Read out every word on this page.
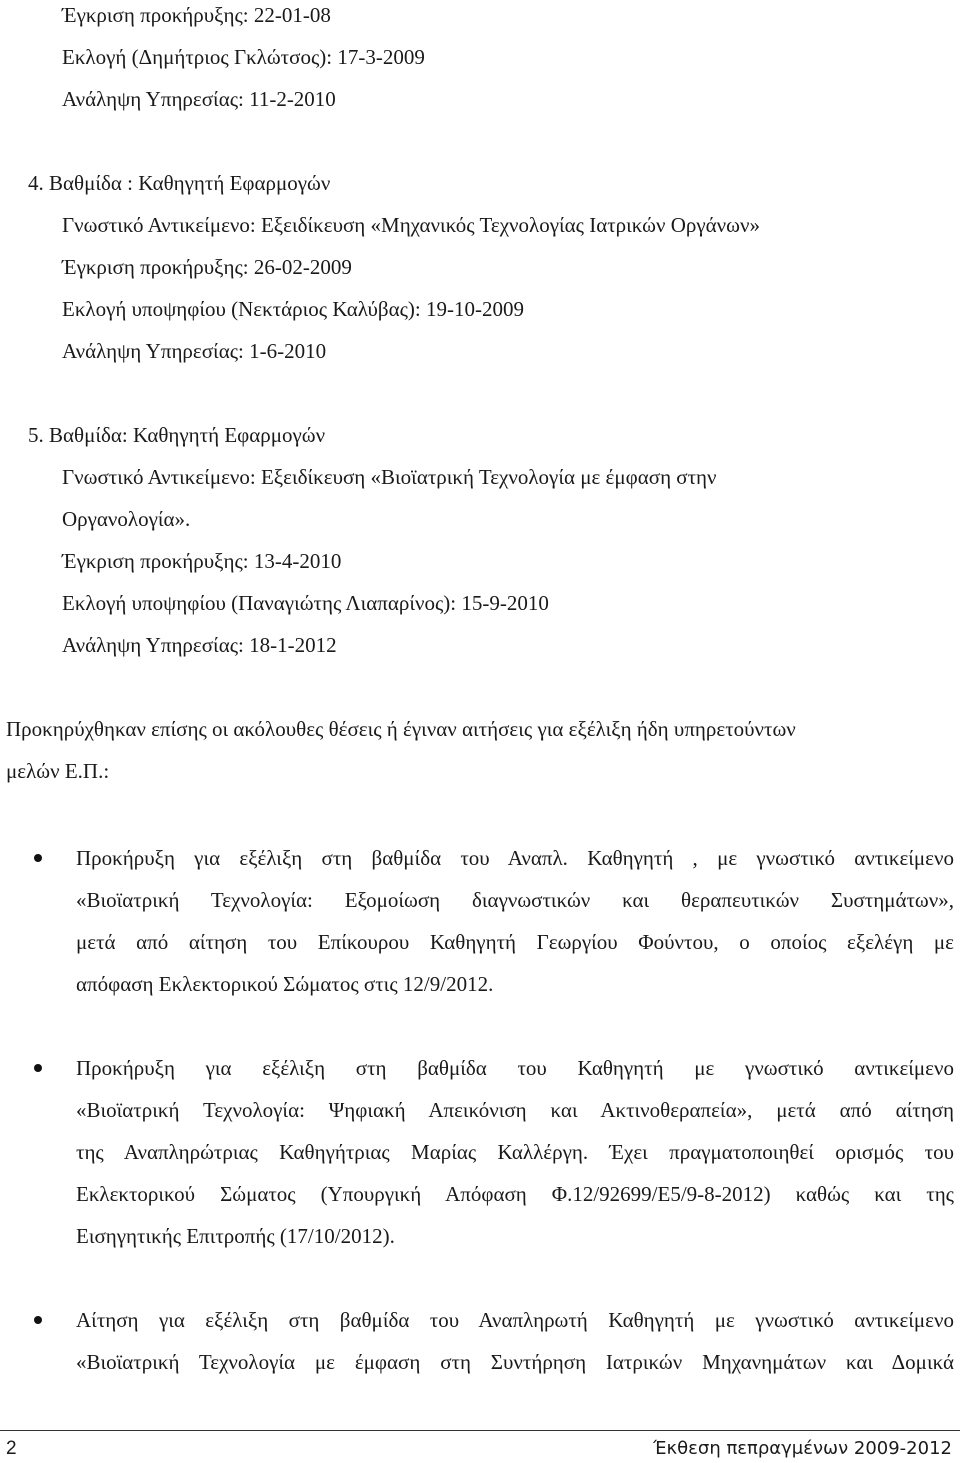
Έγκριση προκήρυξης: 22-01-08
Εκλογή (Δημήτριος Γκλώτσος): 17-3-2009
Ανάληψη Υπηρεσίας: 11-2-2010
4. Βαθμίδα : Καθηγητή Εφαρμογών
Γνωστικό Αντικείμενο: Εξειδίκευση «Μηχανικός Τεχνολογίας Ιατρικών Οργάνων»
Έγκριση προκήρυξης: 26-02-2009
Εκλογή υποψηφίου (Νεκτάριος Καλύβας): 19-10-2009
Ανάληψη Υπηρεσίας: 1-6-2010
5. Βαθμίδα: Καθηγητή Εφαρμογών
Γνωστικό Αντικείμενο: Εξειδίκευση «Βιοϊατρική Τεχνολογία με έμφαση στην
Οργανολογία».
Έγκριση προκήρυξης: 13-4-2010
Εκλογή υποψηφίου (Παναγιώτης Λιαπαρίνος): 15-9-2010
Ανάληψη Υπηρεσίας: 18-1-2012
Προκηρύχθηκαν επίσης οι ακόλουθες θέσεις ή έγιναν αιτήσεις για εξέλιξη ήδη υπηρετούντων
μελών Ε.Π.:
Προκήρυξη για εξέλιξη στη βαθμίδα του Αναπλ. Καθηγητή , με γνωστικό αντικείμενο
«Βιοϊατρική Τεχνολογία: Εξομοίωση διαγνωστικών και θεραπευτικών Συστημάτων»,
μετά από αίτηση του Επίκουρου Καθηγητή Γεωργίου Φούντου, ο οποίος εξελέγη με
απόφαση Εκλεκτορικού Σώματος στις 12/9/2012.
Προκήρυξη για εξέλιξη στη βαθμίδα του Καθηγητή με γνωστικό αντικείμενο
«Βιοϊατρική Τεχνολογία: Ψηφιακή Απεικόνιση και Ακτινοθεραπεία», μετά από αίτηση
της Αναπληρώτριας Καθηγήτριας Μαρίας Καλλέργη. Έχει πραγματοποιηθεί ορισμός του
Εκλεκτορικού Σώματος (Υπουργική Απόφαση Φ.12/92699/Ε5/9-8-2012) καθώς και της
Εισηγητικής Επιτροπής (17/10/2012).
Αίτηση για εξέλιξη στη βαθμίδα του Αναπληρωτή Καθηγητή με γνωστικό αντικείμενο
«Βιοϊατρική Τεχνολογία με έμφαση στη Συντήρηση Ιατρικών Μηχανημάτων και Δομικά
2	Έκθεση πεπραγμένων 2009-2012
